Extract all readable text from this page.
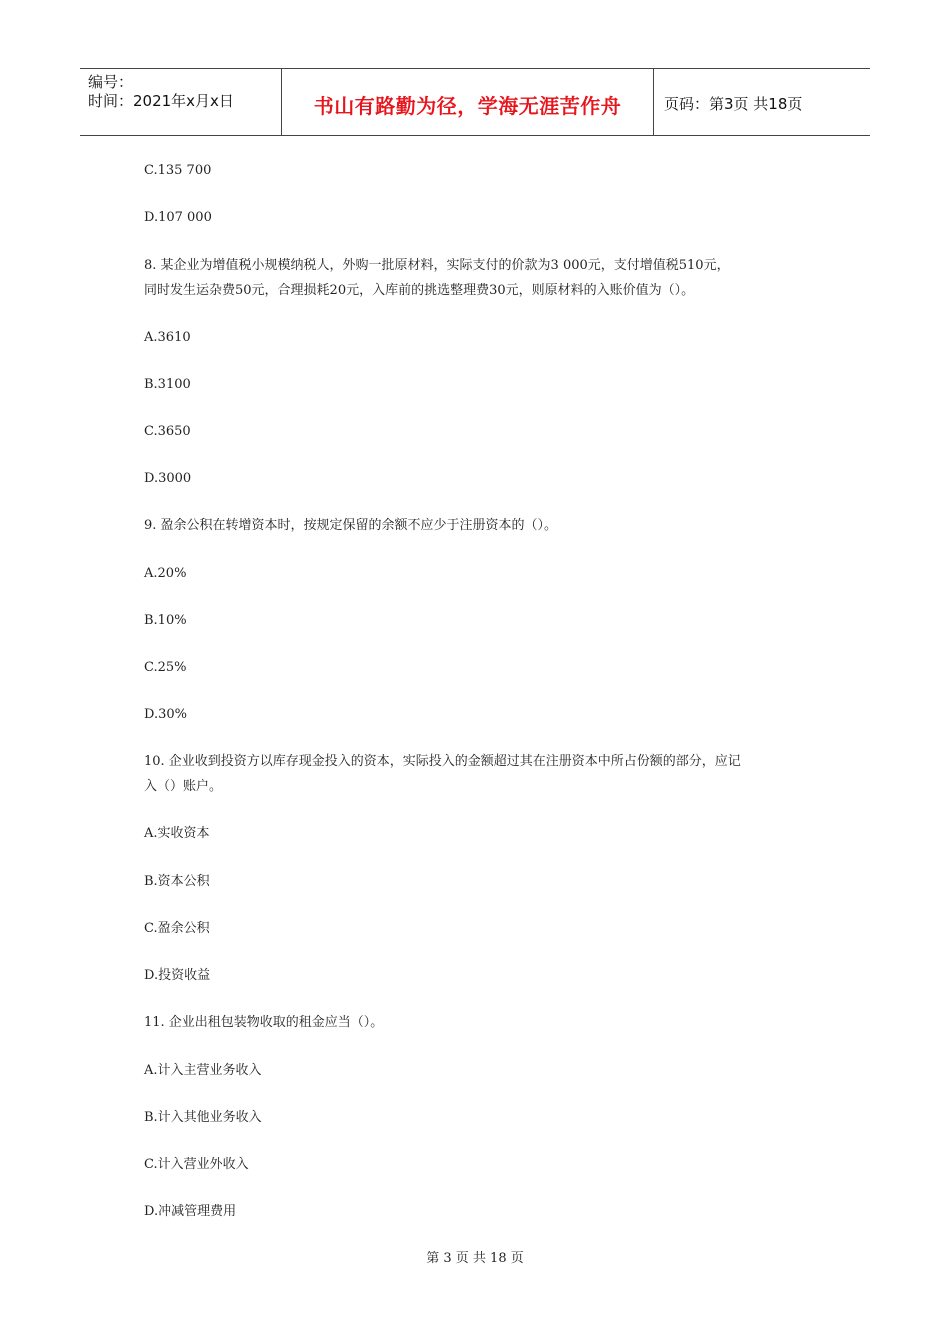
编号：
时间：2021年x月x日	书山有路勤为径，学海无涯苦作舟	页码：第3页 共18页
C.135 700
D.107 000
8. 某企业为增值税小规模纳税人，外购一批原材料，实际支付的价款为3 000元，支付增值税510元，
同时发生运杂费50元，合理损耗20元，入库前的挑选整理费30元，则原材料的入账价值为（）。
A.3610
B.3100
C.3650
D.3000
9. 盈余公积在转增资本时，按规定保留的余额不应少于注册资本的（）。
A.20%
B.10%
C.25%
D.30%
10. 企业收到投资方以库存现金投入的资本，实际投入的金额超过其在注册资本中所占份额的部分，应记
入（）账户。
A.实收资本
B.资本公积
C.盈余公积
D.投资收益
11. 企业出租包装物收取的租金应当（）。
A.计入主营业务收入
B.计入其他业务收入
C.计入营业外收入
D.冲减管理费用
第 3 页 共 18 页
